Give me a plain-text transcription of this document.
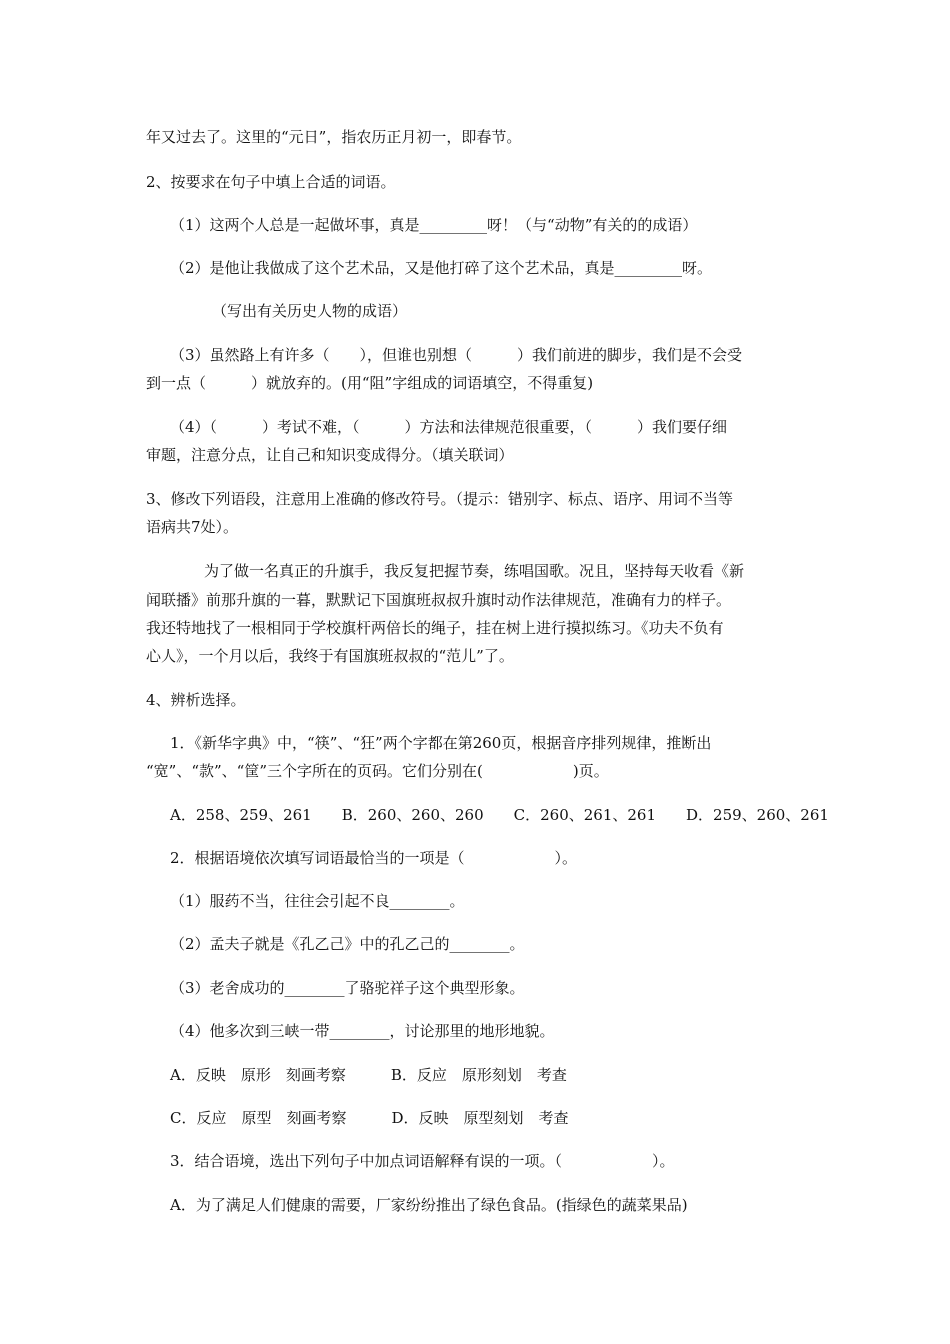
年又过去了。这里的“元日”，指农历正月初一，即春节。
2、按要求在句子中填上合适的词语。
（1）这两个人总是一起做坏事，真是_________呀！（与“动物”有关的的成语）
（2）是他让我做成了这个艺术品，又是他打碎了这个艺术品，真是_________呀。
（写出有关历史人物的成语）
（3）虽然路上有许多（　　），但谁也别想（　　　）我们前进的脚步，我们是不会受
到一点（　　　）就放弃的。(用“阻”字组成的词语填空，不得重复)
（4）（　　　）考试不难，（　　　）方法和法律规范很重要，（　　　）我们要仔细
审题，注意分点，让自己和知识变成得分。（填关联词）
3、修改下列语段，注意用上准确的修改符号。（提示：错别字、标点、语序、用词不当等
语病共7处）。
为了做一名真正的升旗手，我反复把握节奏，练唱国歌。况且，坚持每天收看《新
闻联播》前那升旗的一暮，默默记下国旗班叔叔升旗时动作法律规范，准确有力的样子。
我还特地找了一根相同于学校旗杆两倍长的绳子，挂在树上进行摸拟练习。《功夫不负有
心人》，一个月以后，我终于有国旗班叔叔的“范儿”了。
4、辨析选择。
1．《新华字典》中，“筷”、“狂”两个字都在第260页，根据音序排列规律，推断出
“宽”、“款”、“筐”三个字所在的页码。它们分别在(　　　　　　)页。
A．258、259、261　　B．260、260、260　　C．260、261、261　　D．259、260、261
2．根据语境依次填写词语最恰当的一项是（　　　　　　）。
（1）服药不当，往往会引起不良________。
（2）孟夫子就是《孔乙己》中的孔乙己的________。
（3）老舍成功的________了骆驼祥子这个典型形象。
（4）他多次到三峡一带________，讨论那里的地形地貌。
A．反映　原形　刻画考察　　　B．反应　原形刻划　考查
C．反应　原型　刻画考察　　　D．反映　原型刻划　考查
3．结合语境，选出下列句子中加点词语解释有误的一项。（　　　　　　）。
A．为了满足人们健康的需要，厂家纷纷推出了绿色食品。(指绿色的蔬菜果品)
